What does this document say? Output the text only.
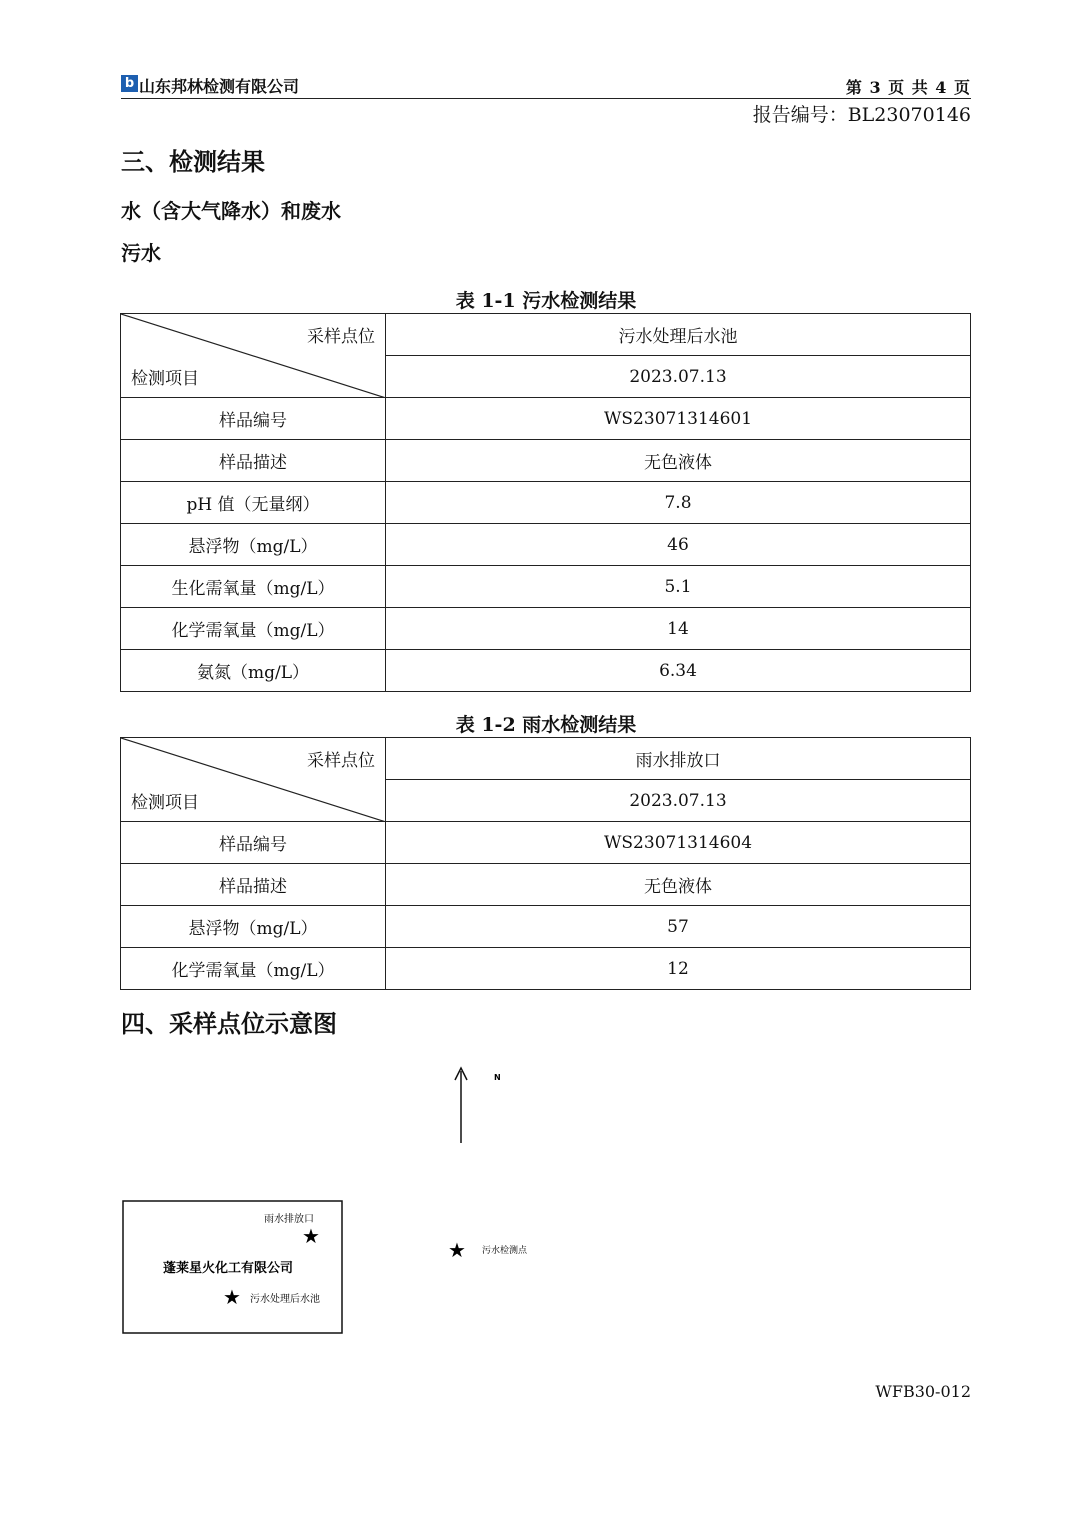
b 山东邦林检测有限公司	第 3 页 共 4 页
报告编号：BL23070146
三、检测结果
水（含大气降水）和废水
污水
表 1-1 污水检测结果
采样点位
检测项目	污水处理后水池
	2023.07.13
样品编号	WS23071314601
样品描述	无色液体
pH 值（无量纲）	7.8
悬浮物（mg/L）	46
生化需氧量（mg/L）	5.1
化学需氧量（mg/L）	14
氨氮（mg/L）	6.34
表 1-2 雨水检测结果
采样点位
检测项目	雨水排放口
	2023.07.13
样品编号	WS23071314604
样品描述	无色液体
悬浮物（mg/L）	57
化学需氧量（mg/L）	12
四、采样点位示意图
N
雨水排放口
★
蓬莱星火化工有限公司
★ 污水处理后水池
★ 污水检测点
WFB30-012
